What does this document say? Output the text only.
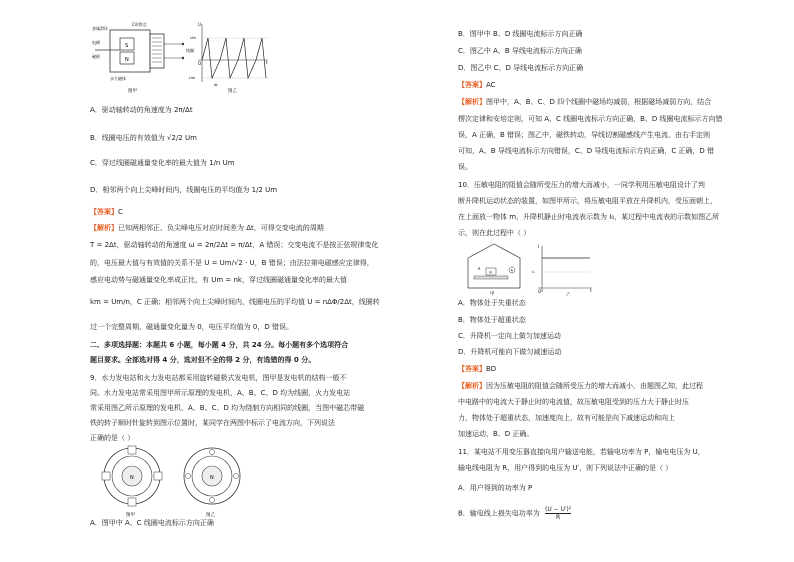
金属滑环
电刷
C形铁芯
磁极
线圈
永久磁体
S
N
图甲
U
Um
-Um
t
O
Δt
图乙
A．驱动轴转动的角速度为 2π/Δt
B．线圈电压的有效值为 √2/2 Um
C．穿过线圈磁通量变化率的最大值为 1/n Um
D．相邻两个向上尖峰时间内，线圈电压的平均值为 1/2 Um
【答案】C
【解析】已知两相邻正、负尖峰电压对应时间差为 Δt，可得交变电流的周期
T = 2Δt，驱动轴转动的角速度 ω = 2π/2Δt = π/Δt，A 错误；交变电流不是按正弦规律变化
的，电压最大值与有效值的关系不是 U = Um/√2 · U，B 错误；由法拉第电磁感应定律得，
感应电动势与磁通量变化率成正比，有 Um = nk，穿过线圈磁通量变化率的最大值
km = Um/n，C 正确；相邻两个向上尖峰时间内，线圈电压的平均值 U = nΔΦ/2Δt，线圈转
过一个完整周期，磁通量变化量为 0，电压平均值为 0，D 错误。
二、多项选择题：本题共 6 小题，每小题 4 分，共 24 分。每小题有多个选项符合
题目要求。全部选对得 4 分，选对但不全的得 2 分，有选错的得 0 分。
9．水力发电站和火力发电站都采用旋转磁极式发电机，图甲是发电机的结构一般不
同。水力发电站常采用图甲所示原理的发电机，A、B、C、D 均为线圈，火力发电站
常采用图乙所示原理的发电机，A、B、C、D 均为绕制方向相同的线圈，当图中磁芯带磁
铁的转子顺时针旋转到图示位置时，某同学在两图中标示了电流方向，下列说法
正确的是（ ）
N
图甲
N
图乙
A．图甲中 A、C 线圈电流标示方向正确
B．图甲中 B、D 线圈电流标示方向正确
C．图乙中 A、B 导线电流标示方向正确
D．图乙中 C、D 导线电流标示方向正确
【答案】AC
【解析】图甲中，A、B、C、D 四个线圈中磁场均减弱，根据磁场减弱方向，结合
楞次定律和安培定则，可知 A、C 线圈电流标示方向正确，B、D 线圈电流标示方向错
误，A 正确，B 错误；图乙中，磁铁转动，导线切割磁感线产生电流，由右手定则
可知，A、B 导线电流标示方向错误，C、D 导线电流标示方向正确，C 正确，D 错
误。
10．压敏电阻的阻值会随所受压力的增大而减小，一同学利用压敏电阻设计了判
断升降机运动状态的装置，如图甲所示，将压敏电阻平放在升降机内，受压面朝上，
在上面放一物体 m，升降机静止时电流表示数为 I₀，某过程中电流表的示数如图乙所
示，则在此过程中（ ）
m	A
R
甲
I
I₀
t
O
乙
A．物体处于失重状态
B．物体处于超重状态
C．升降机一定向上做匀加速运动
D．升降机可能向下做匀减速运动
【答案】BD
【解析】因为压敏电阻的阻值会随所受压力的增大而减小，由题图乙知，此过程
中电路中的电流大于静止时的电流值，故压敏电阻受到的压力大于静止时压
力，物体处于超重状态，加速度向上，故有可能是向下减速运动和向上
加速运动，B、D 正确。
11．某电站不用变压器直接向用户输送电能，若输电功率为 P，输电电压为 U，
输电线电阻为 R，用户得到的电压为 U′，则下列说法中正确的是（ ）
A．用户得到的功率为 P
B．输电线上损失电功率为 $\frac{\text{(U − U′)²}}{R}$
